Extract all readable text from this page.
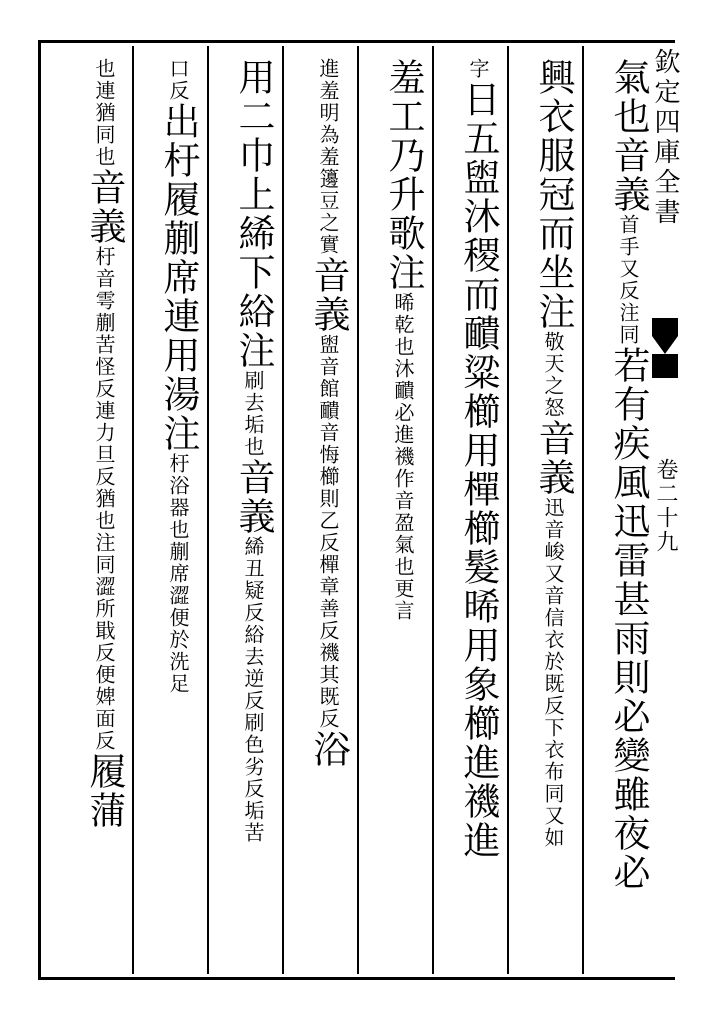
欽定四庫全書
卷二十九
氣也音義首手又反注同若有疾風迅雷甚雨則必變雖夜必
興衣服冠而坐注敬天之怒音義迅音峻又音信衣於既反下衣布同又如
字日五盥沐稷而靧粱櫛用樿櫛髮晞用象櫛進禨進
羞工乃升歌注晞乾也沐靧必進禨作音盈氣也更言
進羞明為羞籩豆之實音義盥音館靧音悔櫛則乙反樿章善反禨其既反浴
用二巾上絺下綌注刷去垢也音義絺丑疑反綌去逆反刷色劣反垢苦
口反出杅履蒯席連用湯注杅浴器也蒯席澀便於洗足
也連猶同也音義杅音雩蒯苦怪反連力旦反猶也注同澀所戢反便婢面反履蒲
